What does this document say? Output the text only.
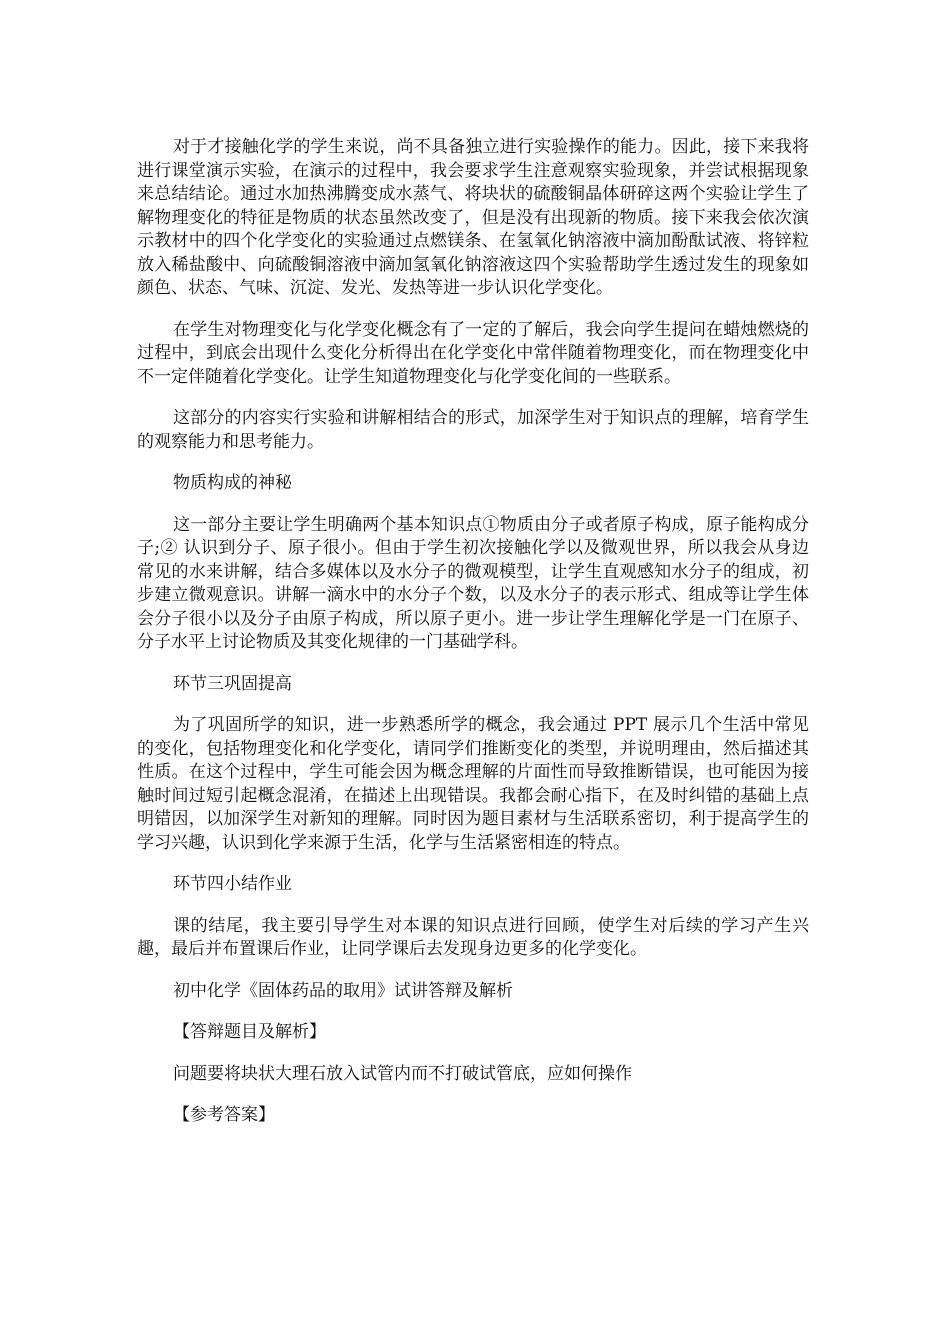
对于才接触化学的学生来说，尚不具备独立进行实验操作的能力。因此，接下来我将进行课堂演示实验，在演示的过程中，我会要求学生注意观察实验现象，并尝试根据现象来总结结论。通过水加热沸腾变成水蒸气、将块状的硫酸铜晶体研碎这两个实验让学生了解物理变化的特征是物质的状态虽然改变了，但是没有出现新的物质。接下来我会依次演示教材中的四个化学变化的实验通过点燃镁条、在氢氧化钠溶液中滴加酚酞试液、将锌粒放入稀盐酸中、向硫酸铜溶液中滴加氢氧化钠溶液这四个实验帮助学生透过发生的现象如颜色、状态、气味、沉淀、发光、发热等进一步认识化学变化。

在学生对物理变化与化学变化概念有了一定的了解后，我会向学生提问在蜡烛燃烧的过程中，到底会出现什么变化分析得出在化学变化中常伴随着物理变化，而在物理变化中不一定伴随着化学变化。让学生知道物理变化与化学变化间的一些联系。

这部分的内容实行实验和讲解相结合的形式，加深学生对于知识点的理解，培育学生的观察能力和思考能力。

物质构成的神秘

这一部分主要让学生明确两个基本知识点①物质由分子或者原子构成，原子能构成分子;② 认识到分子、原子很小。但由于学生初次接触化学以及微观世界，所以我会从身边常见的水来讲解，结合多媒体以及水分子的微观模型，让学生直观感知水分子的组成，初步建立微观意识。讲解一滴水中的水分子个数，以及水分子的表示形式、组成等让学生体会分子很小以及分子由原子构成，所以原子更小。进一步让学生理解化学是一门在原子、分子水平上讨论物质及其变化规律的一门基础学科。

环节三巩固提高

为了巩固所学的知识，进一步熟悉所学的概念，我会通过 PPT 展示几个生活中常见的变化，包括物理变化和化学变化，请同学们推断变化的类型，并说明理由，然后描述其性质。在这个过程中，学生可能会因为概念理解的片面性而导致推断错误，也可能因为接触时间过短引起概念混淆，在描述上出现错误。我都会耐心指下，在及时纠错的基础上点明错因，以加深学生对新知的理解。同时因为题目素材与生活联系密切，利于提高学生的学习兴趣，认识到化学来源于生活，化学与生活紧密相连的特点。

环节四小结作业

课的结尾，我主要引导学生对本课的知识点进行回顾，使学生对后续的学习产生兴趣，最后并布置课后作业，让同学课后去发现身边更多的化学变化。

初中化学《固体药品的取用》试讲答辩及解析

【答辩题目及解析】

问题要将块状大理石放入试管内而不打破试管底，应如何操作

【参考答案】
